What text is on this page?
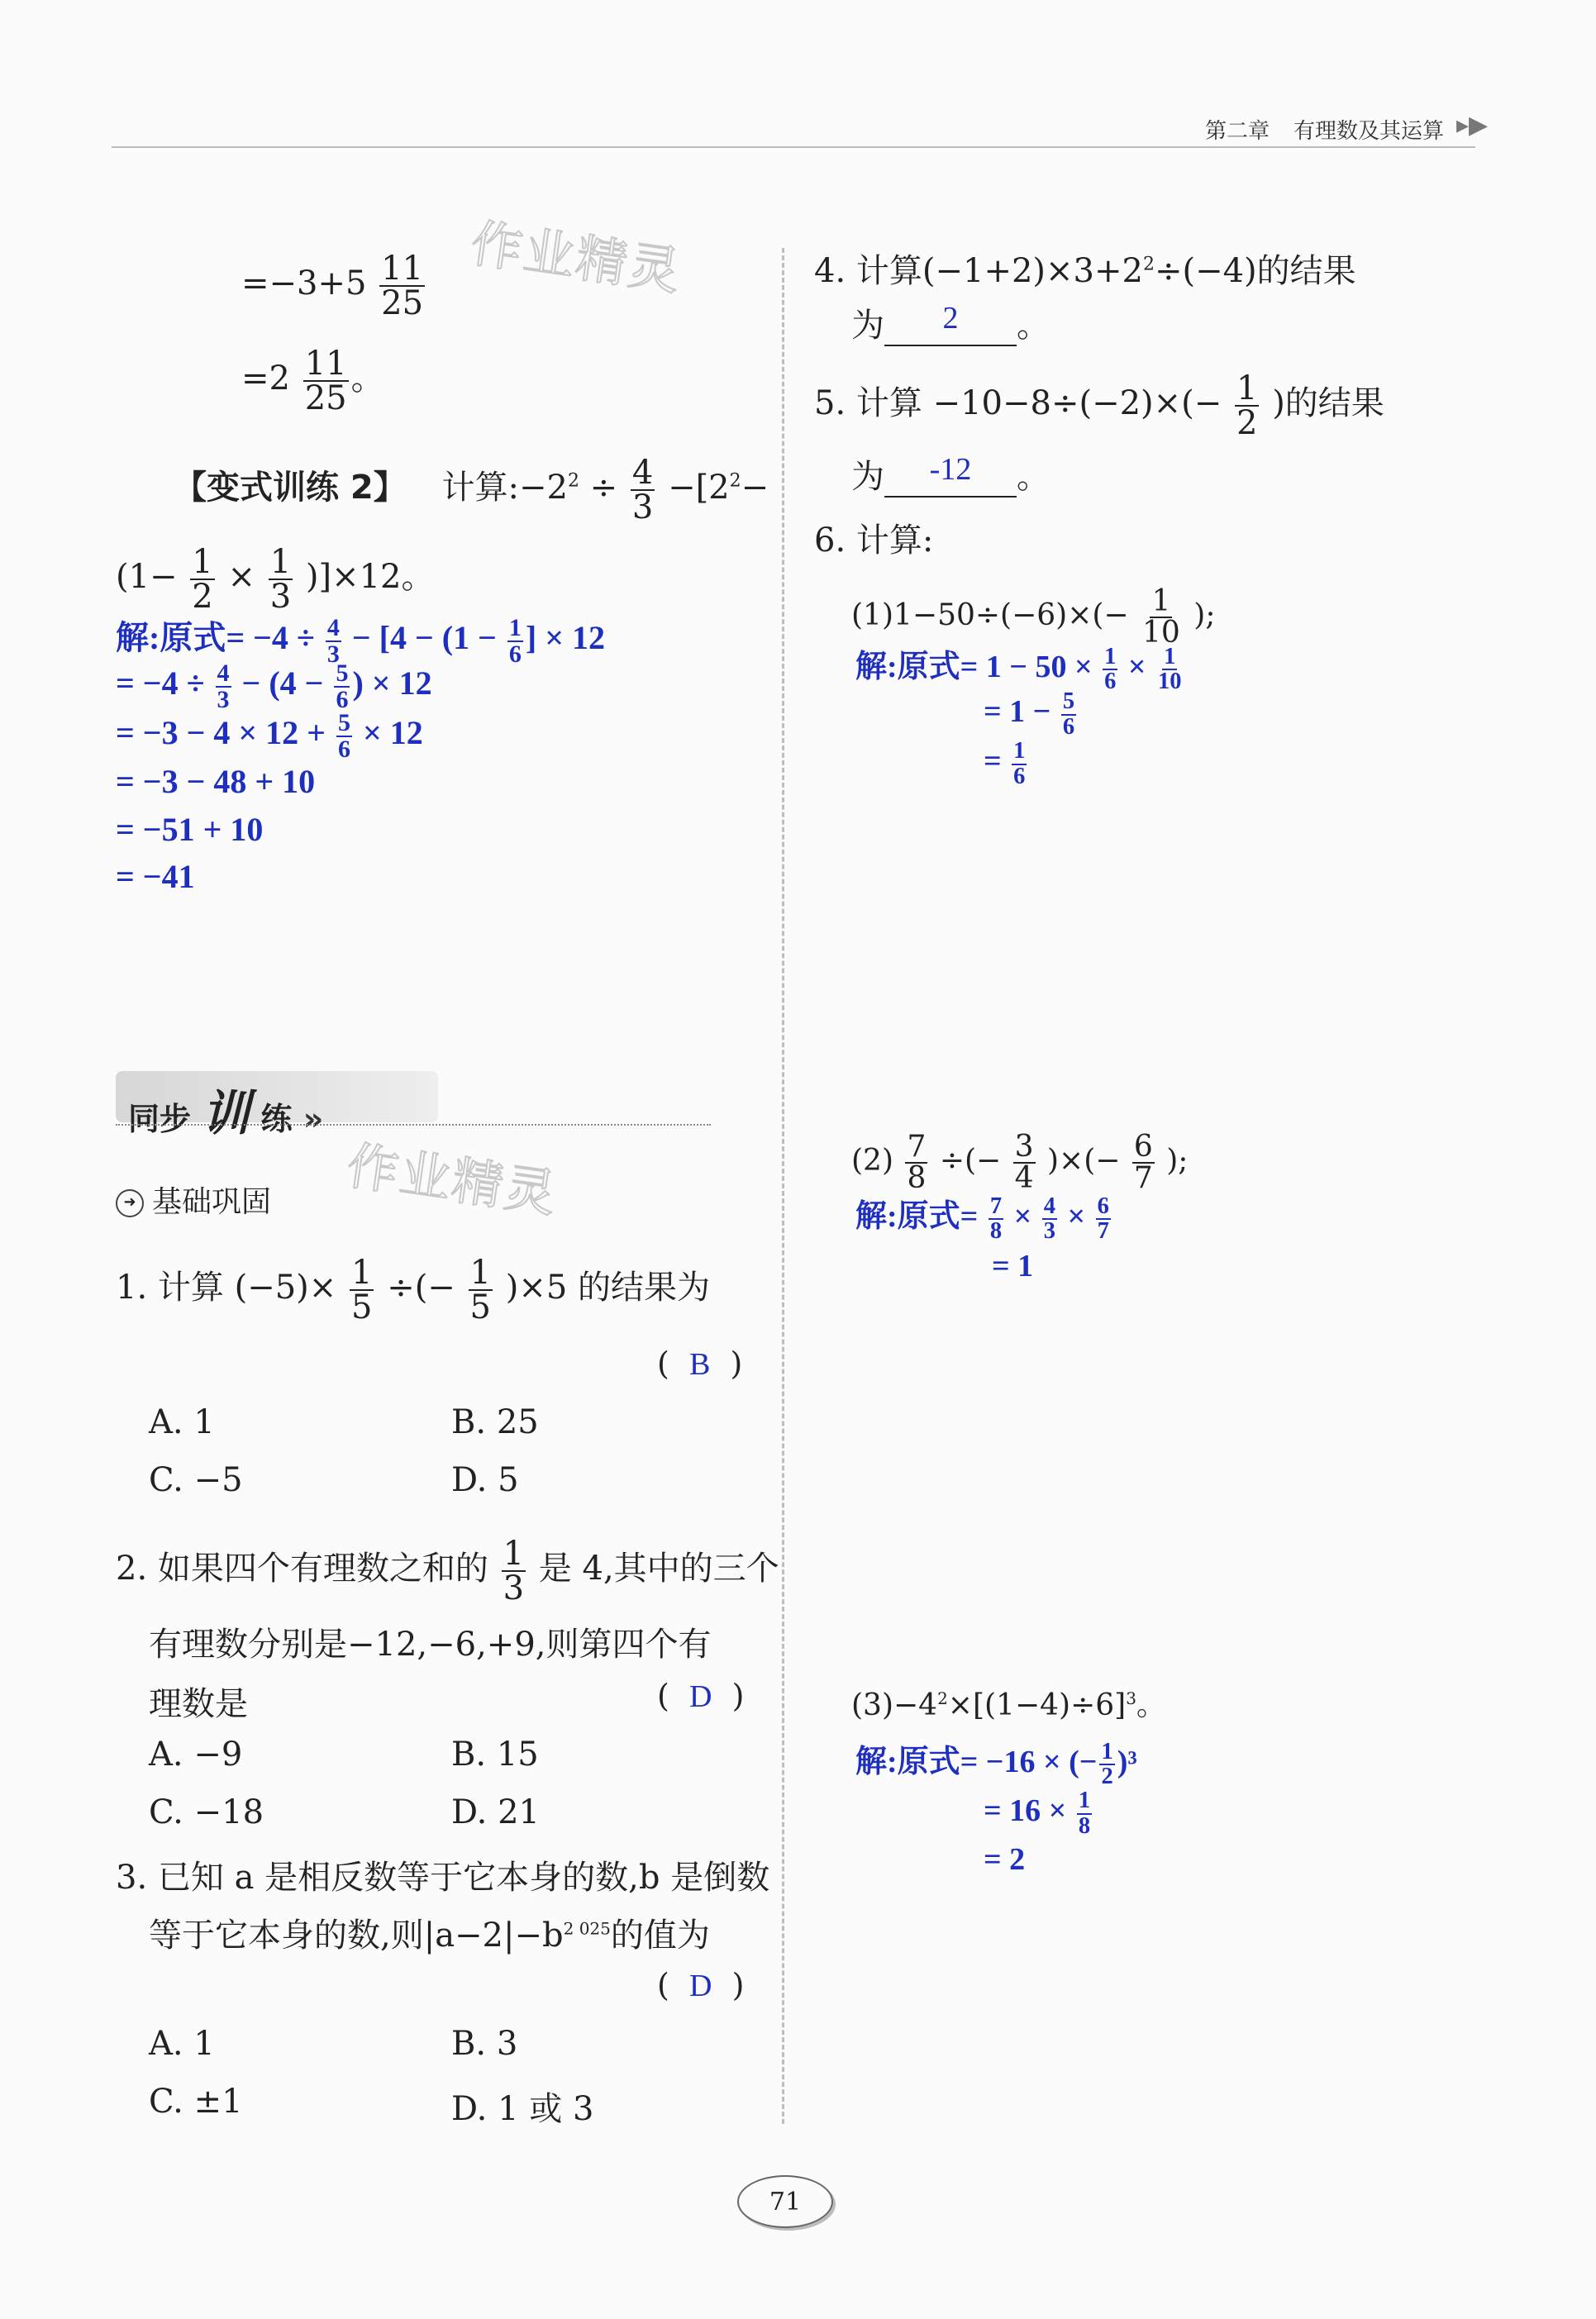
第二章 有理数及其运算 ▸▶
作业精灵
作业精灵
$=-3+5 \frac{11}{25}$
$=2 \frac{11}{25}$ 。
【变式训练 2】 计算$:-2^2 \div \frac{4}{3} -[2^2-$
$(1- \frac{1}{2} \times \frac{1}{3} )]\times 12$。
解:原式= $-4 \div \frac{4}{3} - [4 - (1 - \frac{1}{6}$ ] × 12
= $-4 \div \frac{4}{3} - (4 - \frac{5}{6}$ ) × 12
= $-3 - 4 \times 12 + \frac{5}{6} \times 12$
= −3 − 48 + 10
= −51 + 10
= −41
同步 训 练 »
➜ 基础巩固
1. 计算 $(-5)\times \frac{1}{5}$ ÷(− $\frac{1}{5} )\times 5$ 的结果为
(  B  )
A. 1	B. 25
C. −5	D. 5
2. 如果四个有理数之和的 $\frac{1}{3}$ 是 4,其中的三个
有理数分别是−12,−6,+9,则第四个有
理数是	(  D  )
A. −9	B. 15
C. −18	D. 21
3. 已知 a 是相反数等于它本身的数,b 是倒数
等于它本身的数,则$|a-2|-b^{2 025}$的值为
(  D  )
A. 1	B. 3
C. ±1	D. 1 或 3
4. 计算$(-1+2)\times 3+2^2\div(-4)$的结果
为	2	。
5. 计算 $-10-8\div(-2)\times(- \frac{1}{2}$ )的结果
为	-12	。
6. 计算:
$(1)1-50\div(-6)\times(- \frac{1}{10}$ );
解:原式= $1 - 50 \times \frac{1}{6} \times \frac{1}{10}$
= $1 - \frac{5}{6}$
= $\frac{1}{6}$
$(2) \frac{7}{8}$ ÷(− $\frac{3}{4}$ )×(− $\frac{6}{7}$ );
解:原式= $\frac{7}{8} \times \frac{4}{3} \times \frac{6}{7}$
= 1
$(3)-4^2\times[(1-4)\div 6]^3$。
解:原式= −16 × (− $\frac{1}{2} )^3$
= $16 \times \frac{1}{8}$
= 2
71
